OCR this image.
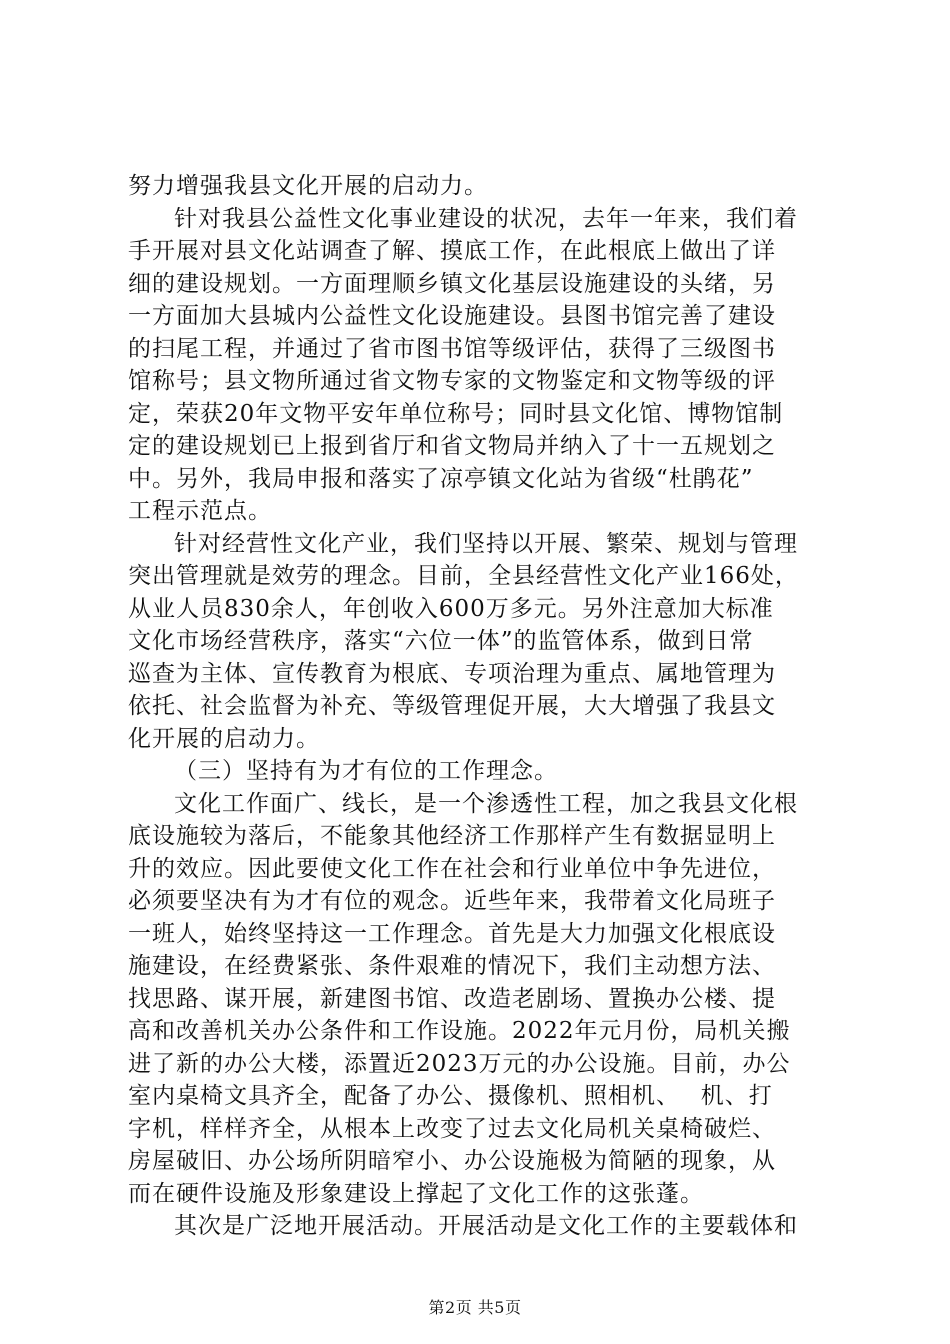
努力增强我县文化开展的启动力。
针对我县公益性文化事业建设的状况，去年一年来，我们着
手开展对县文化站调查了解、摸底工作，在此根底上做出了详
细的建设规划。一方面理顺乡镇文化基层设施建设的头绪，另
一方面加大县城内公益性文化设施建设。县图书馆完善了建设
的扫尾工程，并通过了省市图书馆等级评估，获得了三级图书
馆称号；县文物所通过省文物专家的文物鉴定和文物等级的评
定，荣获20年文物平安年单位称号；同时县文化馆、博物馆制
定的建设规划已上报到省厅和省文物局并纳入了十一五规划之
中。另外，我局申报和落实了凉亭镇文化站为省级“杜鹃花”
工程示范点。
针对经营性文化产业，我们坚持以开展、繁荣、规划与管理
突出管理就是效劳的理念。目前，全县经营性文化产业166处，
从业人员830余人，年创收入600万多元。另外注意加大标准
文化市场经营秩序，落实“六位一体”的监管体系，做到日常
巡查为主体、宣传教育为根底、专项治理为重点、属地管理为
依托、社会监督为补充、等级管理促开展，大大增强了我县文
化开展的启动力。
（三）坚持有为才有位的工作理念。
文化工作面广、线长，是一个渗透性工程，加之我县文化根
底设施较为落后，不能象其他经济工作那样产生有数据显明上
升的效应。因此要使文化工作在社会和行业单位中争先进位，
必须要坚决有为才有位的观念。近些年来，我带着文化局班子
一班人，始终坚持这一工作理念。首先是大力加强文化根底设
施建设，在经费紧张、条件艰难的情况下，我们主动想方法、
找思路、谋开展，新建图书馆、改造老剧场、置换办公楼、提
高和改善机关办公条件和工作设施。2022年元月份，局机关搬
进了新的办公大楼，添置近2023万元的办公设施。目前，办公
室内桌椅文具齐全，配备了办公、摄像机、照相机、　 机、打
字机，样样齐全，从根本上改变了过去文化局机关桌椅破烂、
房屋破旧、办公场所阴暗窄小、办公设施极为简陋的现象，从
而在硬件设施及形象建设上撑起了文化工作的这张蓬。
其次是广泛地开展活动。开展活动是文化工作的主要载体和
第2页 共5页
